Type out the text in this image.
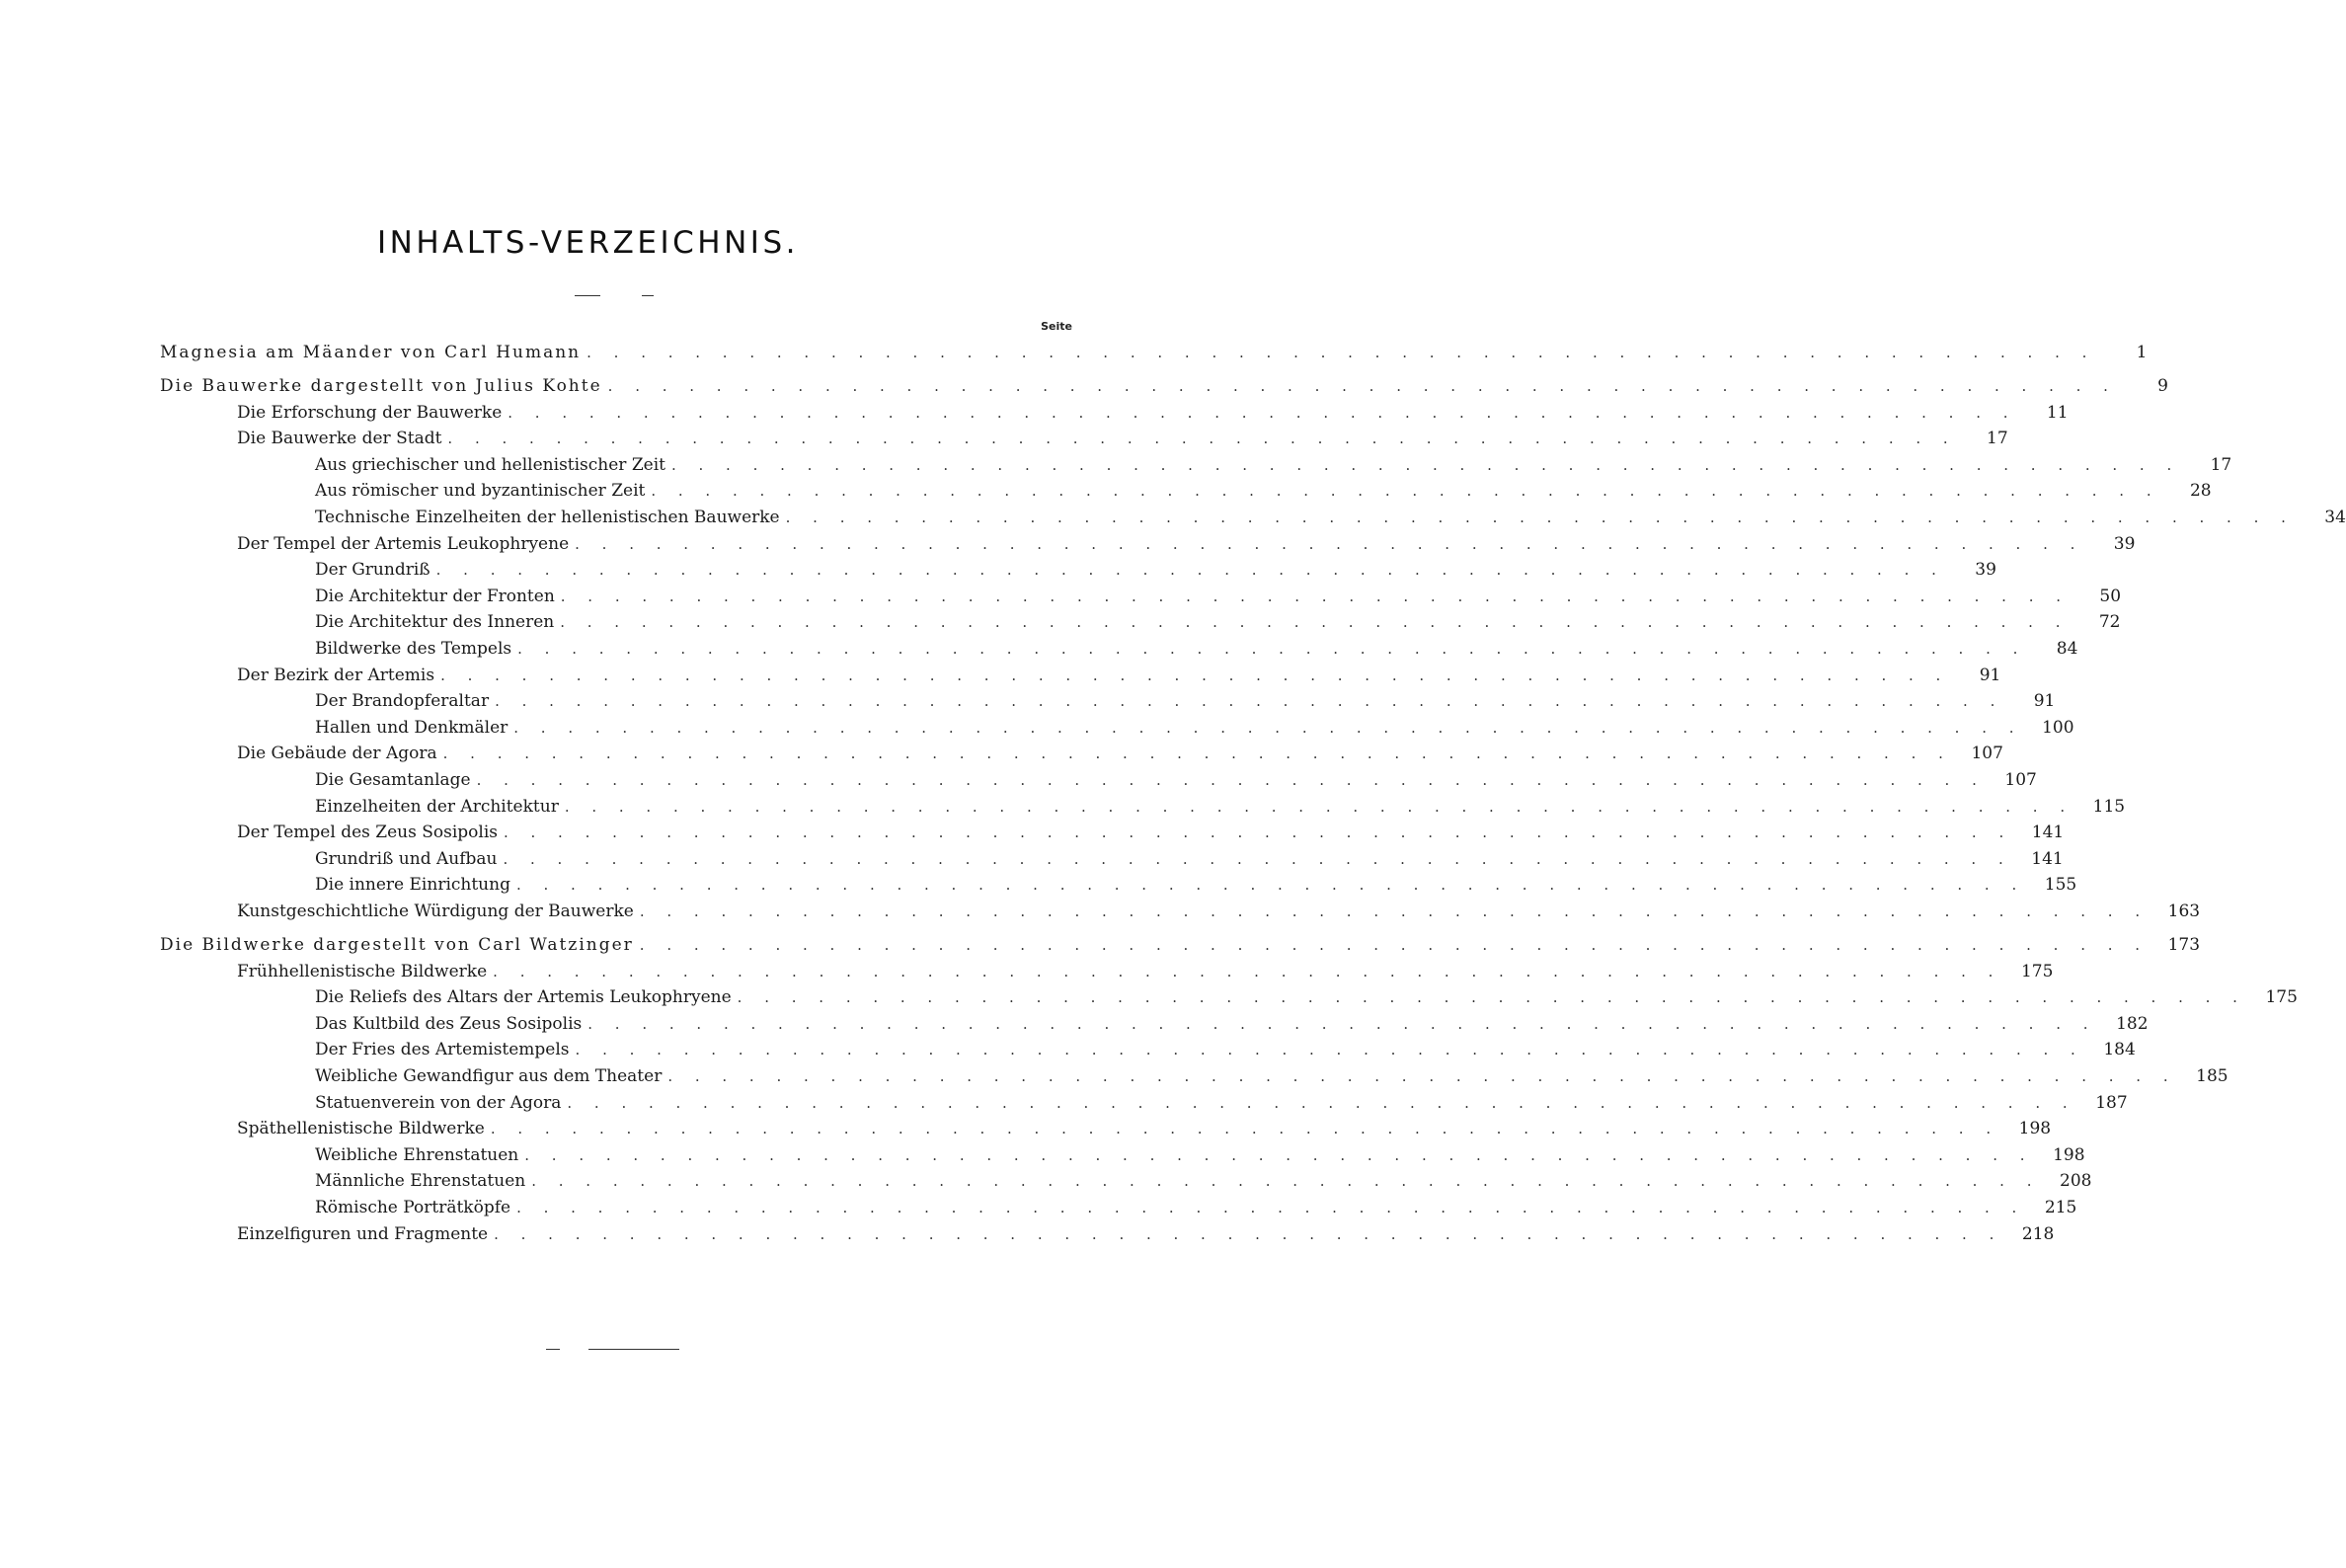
INHALTS-VERZEICHNIS.
Seite
Magnesia am Mäander von Carl Humann . . . . . . . . . . . . . . . . . . . . . . . . . . . . . . . . . . . . . . . . . . . . . . . . . . . . . . . .	1
Die Bauwerke dargestellt von Julius Kohte . . . . . . . . . . . . . . . . . . . . . . . . . . . . . . . . . . . . . . . . . . . . . . . . . . . . . . . .	9
Die Erforschung der Bauwerke . . . . . . . . . . . . . . . . . . . . . . . . . . . . . . . . . . . . . . . . . . . . . . . . . . . . . . . .	11
Die Bauwerke der Stadt . . . . . . . . . . . . . . . . . . . . . . . . . . . . . . . . . . . . . . . . . . . . . . . . . . . . . . . .	17
Aus griechischer und hellenistischer Zeit . . . . . . . . . . . . . . . . . . . . . . . . . . . . . . . . . . . . . . . . . . . . . . . . . . . . . . . .	17
Aus römischer und byzantinischer Zeit . . . . . . . . . . . . . . . . . . . . . . . . . . . . . . . . . . . . . . . . . . . . . . . . . . . . . . . .	28
Technische Einzelheiten der hellenistischen Bauwerke . . . . . . . . . . . . . . . . . . . . . . . . . . . . . . . . . . . . . . . . . . . . . . . . . . . . . . . .	34
Der Tempel der Artemis Leukophryene . . . . . . . . . . . . . . . . . . . . . . . . . . . . . . . . . . . . . . . . . . . . . . . . . . . . . . . .	39
Der Grundriß . . . . . . . . . . . . . . . . . . . . . . . . . . . . . . . . . . . . . . . . . . . . . . . . . . . . . . . .	39
Die Architektur der Fronten . . . . . . . . . . . . . . . . . . . . . . . . . . . . . . . . . . . . . . . . . . . . . . . . . . . . . . . .	50
Die Architektur des Inneren . . . . . . . . . . . . . . . . . . . . . . . . . . . . . . . . . . . . . . . . . . . . . . . . . . . . . . . .	72
Bildwerke des Tempels . . . . . . . . . . . . . . . . . . . . . . . . . . . . . . . . . . . . . . . . . . . . . . . . . . . . . . . .	84
Der Bezirk der Artemis . . . . . . . . . . . . . . . . . . . . . . . . . . . . . . . . . . . . . . . . . . . . . . . . . . . . . . . .	91
Der Brandopferaltar . . . . . . . . . . . . . . . . . . . . . . . . . . . . . . . . . . . . . . . . . . . . . . . . . . . . . . . .	91
Hallen und Denkmäler . . . . . . . . . . . . . . . . . . . . . . . . . . . . . . . . . . . . . . . . . . . . . . . . . . . . . . . .	100
Die Gebäude der Agora . . . . . . . . . . . . . . . . . . . . . . . . . . . . . . . . . . . . . . . . . . . . . . . . . . . . . . . .	107
Die Gesamtanlage . . . . . . . . . . . . . . . . . . . . . . . . . . . . . . . . . . . . . . . . . . . . . . . . . . . . . . . .	107
Einzelheiten der Architektur . . . . . . . . . . . . . . . . . . . . . . . . . . . . . . . . . . . . . . . . . . . . . . . . . . . . . . . .	115
Der Tempel des Zeus Sosipolis . . . . . . . . . . . . . . . . . . . . . . . . . . . . . . . . . . . . . . . . . . . . . . . . . . . . . . . .	141
Grundriß und Aufbau . . . . . . . . . . . . . . . . . . . . . . . . . . . . . . . . . . . . . . . . . . . . . . . . . . . . . . . .	141
Die innere Einrichtung . . . . . . . . . . . . . . . . . . . . . . . . . . . . . . . . . . . . . . . . . . . . . . . . . . . . . . . .	155
Kunstgeschichtliche Würdigung der Bauwerke . . . . . . . . . . . . . . . . . . . . . . . . . . . . . . . . . . . . . . . . . . . . . . . . . . . . . . . .	163
Die Bildwerke dargestellt von Carl Watzinger . . . . . . . . . . . . . . . . . . . . . . . . . . . . . . . . . . . . . . . . . . . . . . . . . . . . . . . .	173
Frühhellenistische Bildwerke . . . . . . . . . . . . . . . . . . . . . . . . . . . . . . . . . . . . . . . . . . . . . . . . . . . . . . . .	175
Die Reliefs des Altars der Artemis Leukophryene . . . . . . . . . . . . . . . . . . . . . . . . . . . . . . . . . . . . . . . . . . . . . . . . . . . . . . . .	175
Das Kultbild des Zeus Sosipolis . . . . . . . . . . . . . . . . . . . . . . . . . . . . . . . . . . . . . . . . . . . . . . . . . . . . . . . .	182
Der Fries des Artemistempels . . . . . . . . . . . . . . . . . . . . . . . . . . . . . . . . . . . . . . . . . . . . . . . . . . . . . . . .	184
Weibliche Gewandfigur aus dem Theater . . . . . . . . . . . . . . . . . . . . . . . . . . . . . . . . . . . . . . . . . . . . . . . . . . . . . . . .	185
Statuenverein von der Agora . . . . . . . . . . . . . . . . . . . . . . . . . . . . . . . . . . . . . . . . . . . . . . . . . . . . . . . .	187
Späthellenistische Bildwerke . . . . . . . . . . . . . . . . . . . . . . . . . . . . . . . . . . . . . . . . . . . . . . . . . . . . . . . .	198
Weibliche Ehrenstatuen . . . . . . . . . . . . . . . . . . . . . . . . . . . . . . . . . . . . . . . . . . . . . . . . . . . . . . . .	198
Männliche Ehrenstatuen . . . . . . . . . . . . . . . . . . . . . . . . . . . . . . . . . . . . . . . . . . . . . . . . . . . . . . . .	208
Römische Porträtköpfe . . . . . . . . . . . . . . . . . . . . . . . . . . . . . . . . . . . . . . . . . . . . . . . . . . . . . . . .	215
Einzelfiguren und Fragmente . . . . . . . . . . . . . . . . . . . . . . . . . . . . . . . . . . . . . . . . . . . . . . . . . . . . . . . .	218
